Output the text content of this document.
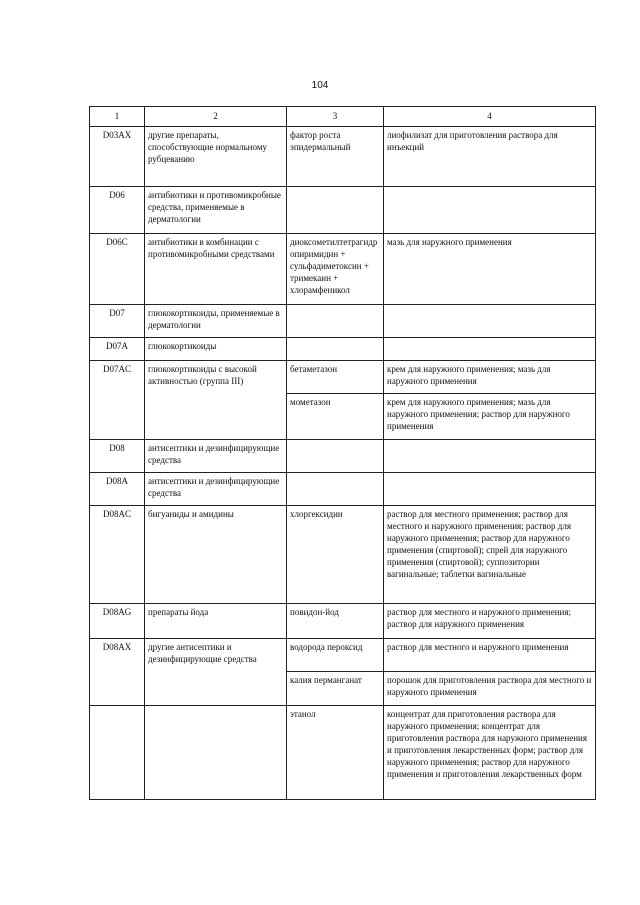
104
1	2	3	4
D03AX	другие препараты, способствующие нормальному рубцеванию	фактор роста эпидермальный	лиофилизат для приготовления раствора для инъекций
D06	антибиотики и противомикробные средства, применяемые в дерматологии		
D06C	антибиотики в комбинации с противомикробными средствами	диоксометилтетрагидропиримидин + сульфадиметоксин + тримекаин + хлорамфеникол	мазь для наружного применения
D07	глюкокортикоиды, применяемые в дерматологии		
D07A	глюкокортикоиды		
D07AC	глюкокортикоиды с высокой активностью (группа III)	бетаметазон	крем для наружного применения; мазь для наружного применения
		мометазон	крем для наружного применения; мазь для наружного применения; раствор для наружного применения
D08	антисептики и дезинфицирующие средства		
D08A	антисептики и дезинфицирующие средства		
D08AC	бигуаниды и амидины	хлоргексидин	раствор для местного применения; раствор для местного и наружного применения; раствор для наружного применения; раствор для наружного применения (спиртовой); спрей для наружного применения (спиртовой); суппозитории вагинальные; таблетки вагинальные
D08AG	препараты йода	повидон-йод	раствор для местного и наружного применения; раствор для наружного применения
D08AX	другие антисептики и дезинфицирующие средства	водорода пероксид	раствор для местного и наружного применения
		калия перманганат	порошок для приготовления раствора для местного и наружного применения
		этанол	концентрат для приготовления раствора для наружного применения; концентрат для приготовления раствора для наружного применения и приготовления лекарственных форм; раствор для наружного применения; раствор для наружного применения и приготовления лекарственных форм
